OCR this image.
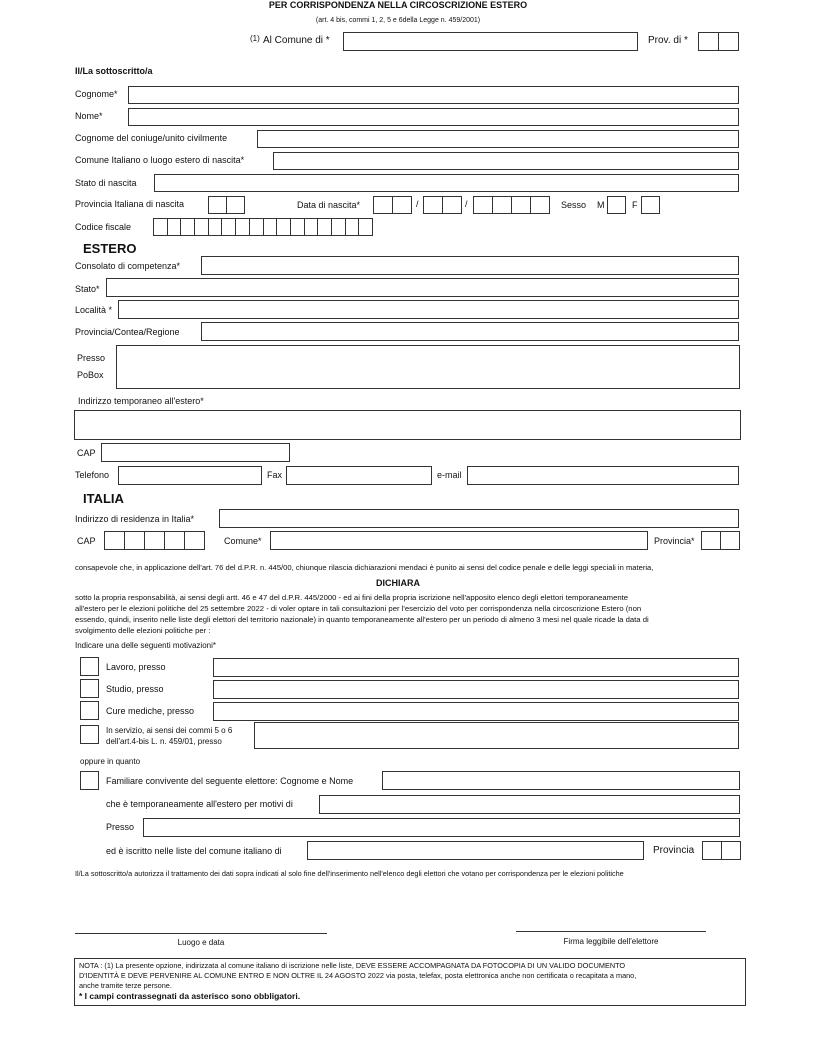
PER CORRISPONDENZA NELLA CIRCOSCRIZIONE ESTERO
(art. 4 bis, commi 1, 2, 5 e 6della Legge n. 459/2001)
(1) Al Comune di *	Prov. di *
Il/La sottoscritto/a
Cognome*
Nome*
Cognome del coniuge/unito civilmente
Comune Italiano o luogo estero di nascita*
Stato di nascita
Provincia Italiana di nascita	Data di nascita*	/	/	Sesso M	F
Codice fiscale
ESTERO
Consolato di competenza*
Stato*
Località *
Provincia/Contea/Regione
Presso
PoBox
Indirizzo temporaneo all'estero*
CAP
Telefono	Fax	e-mail
ITALIA
Indirizzo di residenza in Italia*
CAP	Comune*	Provincia*
consapevole che, in applicazione dell'art. 76 del d.P.R. n. 445/00, chiunque rilascia dichiarazioni mendaci è punito ai sensi del codice penale e delle leggi speciali in materia,
DICHIARA
sotto la propria responsabilità, ai sensi degli artt. 46 e 47 del d.P.R. 445/2000 - ed ai fini della propria iscrizione nell'apposito elenco degli elettori temporaneamente
all'estero per le elezioni politiche del 25 settembre 2022 - di voler optare in tali consultazioni per l'esercizio del voto per corrispondenza nella circoscrizione Estero (non
essendo, quindi, inserito nelle liste degli elettori del territorio nazionale) in quanto temporaneamente all'estero per un periodo di almeno 3 mesi nel quale ricade la data di
svolgimento delle elezioni politiche per :
Indicare una delle seguenti motivazioni*
Lavoro, presso
Studio, presso
Cure mediche, presso
In servizio, ai sensi dei commi 5 o 6
dell'art.4-bis L. n. 459/01, presso
oppure in quanto
Familiare convivente del seguente elettore: Cognome e Nome
che è temporaneamente all'estero per motivi di
Presso
ed è iscritto nelle liste del comune italiano di	Provincia
Il/La sottoscritto/a autorizza il trattamento dei dati sopra indicati al solo fine dell'inserimento nell'elenco degli elettori che votano per corrispondenza per le elezioni politiche
Luogo e data	Firma leggibile dell'elettore
NOTA : (1) La presente opzione, indirizzata al comune italiano di iscrizione nelle liste, DEVE ESSERE ACCOMPAGNATA DA FOTOCOPIA DI UN VALIDO DOCUMENTO
D'IDENTITÀ E DEVE PERVENIRE AL COMUNE ENTRO E NON OLTRE IL 24 AGOSTO 2022 via posta, telefax, posta elettronica anche non certificata o recapitata a mano,
anche tramite terze persone.
* I campi contrassegnati da asterisco sono obbligatori.
